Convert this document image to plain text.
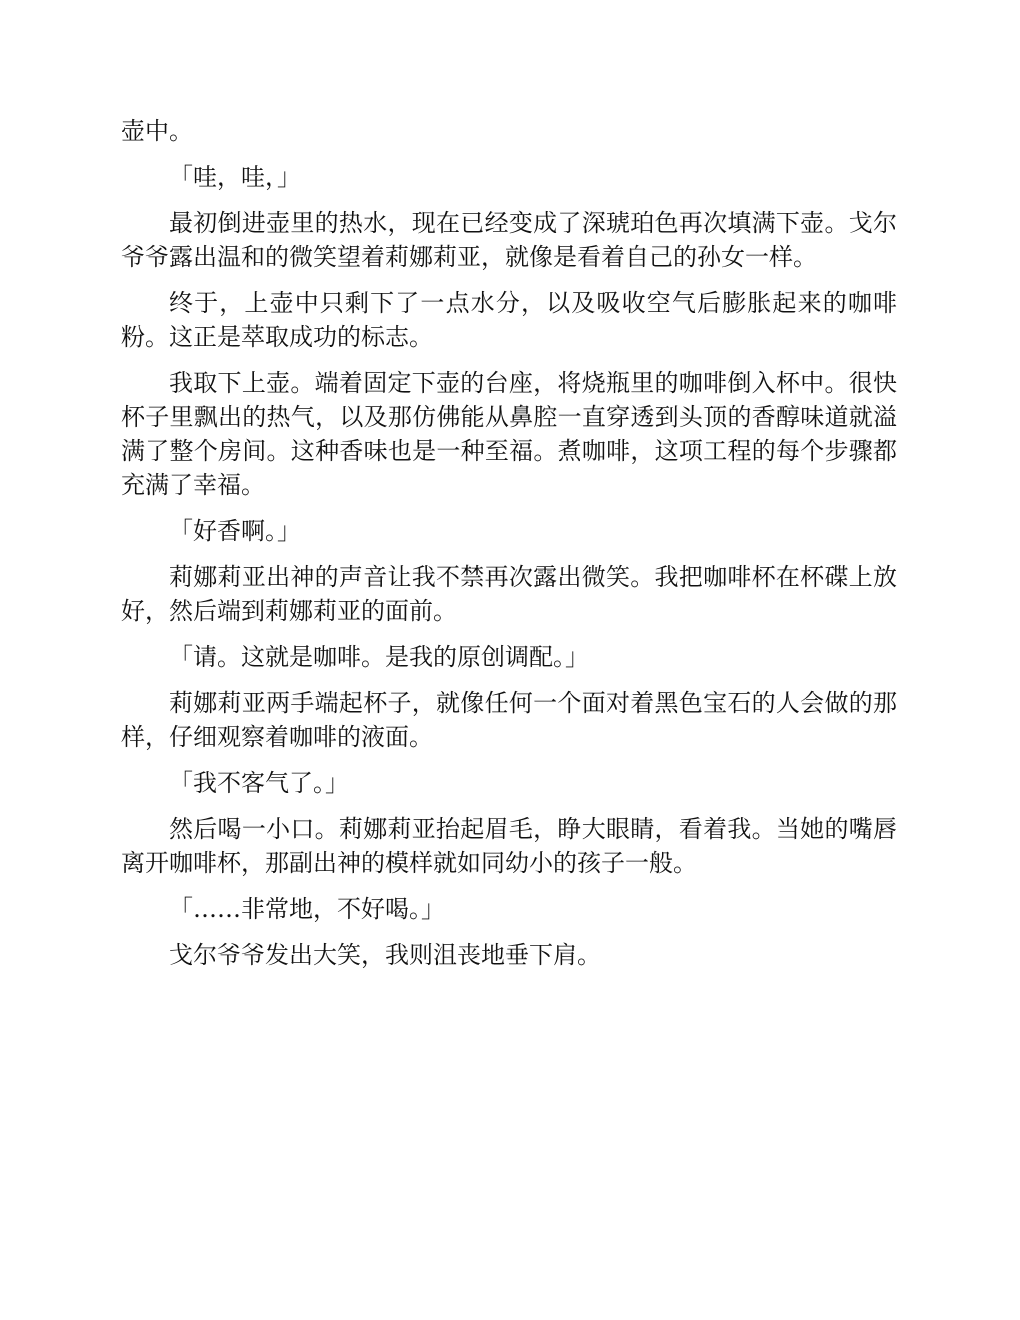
壶中。

「哇，哇，」

最初倒进壶里的热水，现在已经变成了深琥珀色再次填满下壶。戈尔爷爷露出温和的微笑望着莉娜莉亚，就像是看着自己的孙女一样。

终于，上壶中只剩下了一点水分，以及吸收空气后膨胀起来的咖啡粉。这正是萃取成功的标志。

我取下上壶。端着固定下壶的台座，将烧瓶里的咖啡倒入杯中。很快杯子里飘出的热气，以及那仿佛能从鼻腔一直穿透到头顶的香醇味道就溢满了整个房间。这种香味也是一种至福。煮咖啡，这项工程的每个步骤都充满了幸福。

「好香啊。」

莉娜莉亚出神的声音让我不禁再次露出微笑。我把咖啡杯在杯碟上放好，然后端到莉娜莉亚的面前。

「请。这就是咖啡。是我的原创调配。」

莉娜莉亚两手端起杯子，就像任何一个面对着黑色宝石的人会做的那样，仔细观察着咖啡的液面。

「我不客气了。」

然后喝一小口。莉娜莉亚抬起眉毛，睁大眼睛，看着我。当她的嘴唇离开咖啡杯，那副出神的模样就如同幼小的孩子一般。

「……非常地，不好喝。」

戈尔爷爷发出大笑，我则沮丧地垂下肩。
